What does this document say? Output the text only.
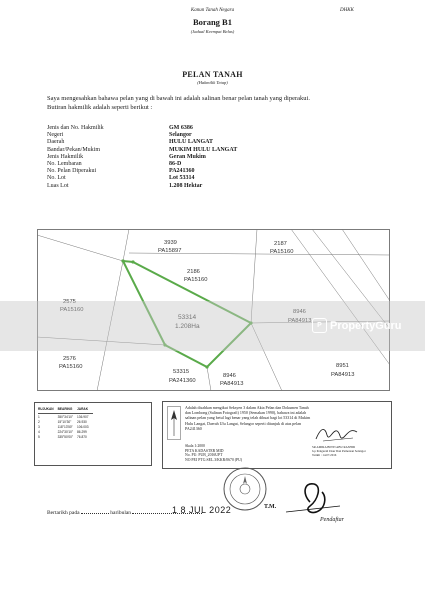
Kanun Tanah Negara	DHKK
Borang B1
(Jadual Keempat Belas)
PELAN TANAH
(Hakmilik Tetap)
Saya mengesahkan bahawa pelan yang di bawah ini adalah salinan benar pelan tanah yang diperakui.
Butiran hakmilik adalah seperti berikut :
Jenis dan No. Hakmilik	GM 6386
Negeri	Selangor
Daerah	HULU LANGAT
Bandar/Pekan/Mukim	MUKIM HULU LANGAT
Jenis Hakmilik	Geran Mukim
No. Lembaran	86-D
No. Pelan Diperakui	PA241360
No. Lot	Lot 53314
Luas Lot	1.208 Hektar
3939
PA15897
2187
PA15160
2186
PA15160
2575
PA15160
53314
1.208Ha
8946
PA84913
2576
PA15160
53315
PA241360
8946
PA84913
8951
PA84913
P PropertyGuru
RUJUKAN	BEARING	JARAK
1	350°34'10"	136.907
2	15°10'30"	26.930
3	118°13'50"	106.003
4	224°30'10"	86.299
5	335°50'00"	76.870
Adalah disahkan mengikut Seksyen 3 dalam Akta Pelan dan Dokumen Tanah dan Lombong (Salinan Fotografi) 1950 (Semakan 1990), bahawa ini adalah salinan pelan yang betul lagi benar yang telah dibuat bagi lot 53314 di Mukim Hulu Langat, Daerah Ulu Langat, Selangor seperti ditunjuk di atas pelan PA241360
Skala 1:2000
PETA KADASTER MID
No. PU: PUB_2016UPT
NO PEJ PTG:SEL.3/KKR/0670 (PU)
SR AMIRA BINTI ABU RASHID
b.p Pengarah Ukur Dan Pemetaan Selangor
Tarikh : 14.07.2016
Bertarikh pada	haribulan	1 8 JUL 2022	T.M.
Pendaftar
